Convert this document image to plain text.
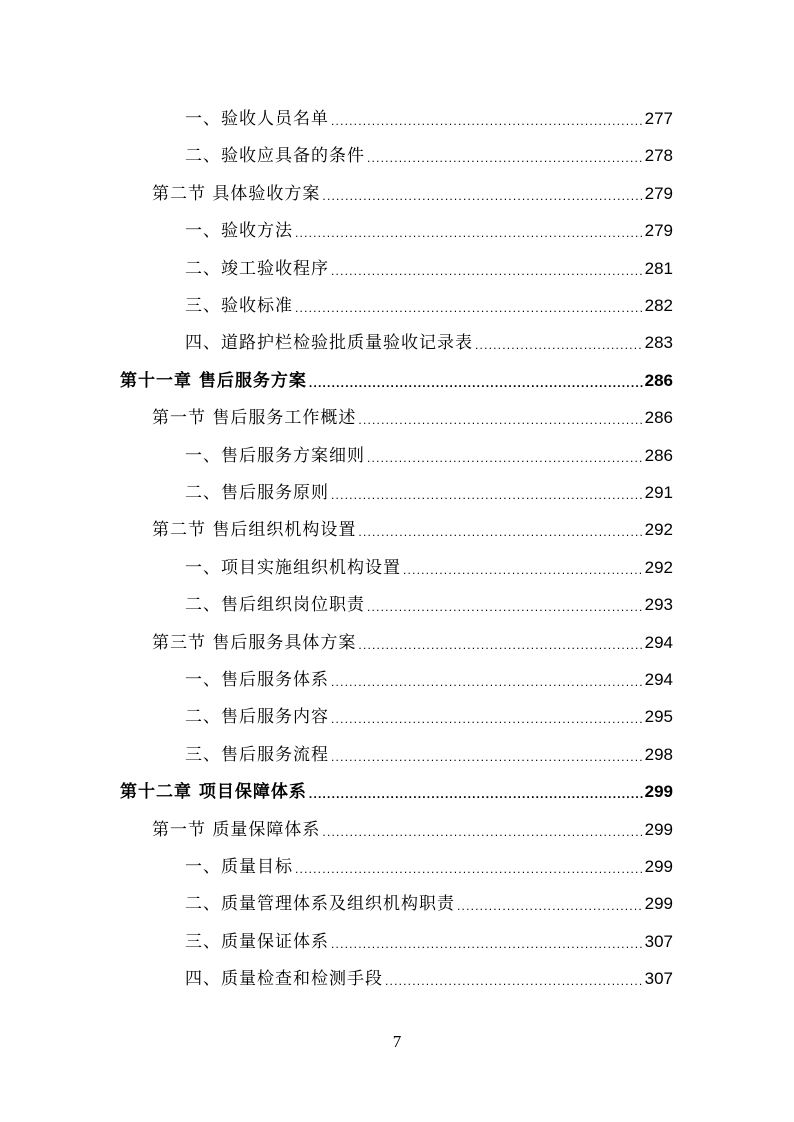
一、验收人员名单 .....	277
二、验收应具备的条件 .....	278
第二节 具体验收方案 .....	279
一、验收方法 .....	279
二、竣工验收程序 .....	281
三、验收标准 .....	282
四、道路护栏检验批质量验收记录表 .....	283
第十一章 售后服务方案 .....	286
第一节 售后服务工作概述 .....	286
一、售后服务方案细则 .....	286
二、售后服务原则 .....	291
第二节 售后组织机构设置 .....	292
一、项目实施组织机构设置 .....	292
二、售后组织岗位职责 .....	293
第三节 售后服务具体方案 .....	294
一、售后服务体系 .....	294
二、售后服务内容 .....	295
三、售后服务流程 .....	298
第十二章 项目保障体系 .....	299
第一节 质量保障体系 .....	299
一、质量目标 .....	299
二、质量管理体系及组织机构职责 .....	299
三、质量保证体系 .....	307
四、质量检查和检测手段 .....	307
7
